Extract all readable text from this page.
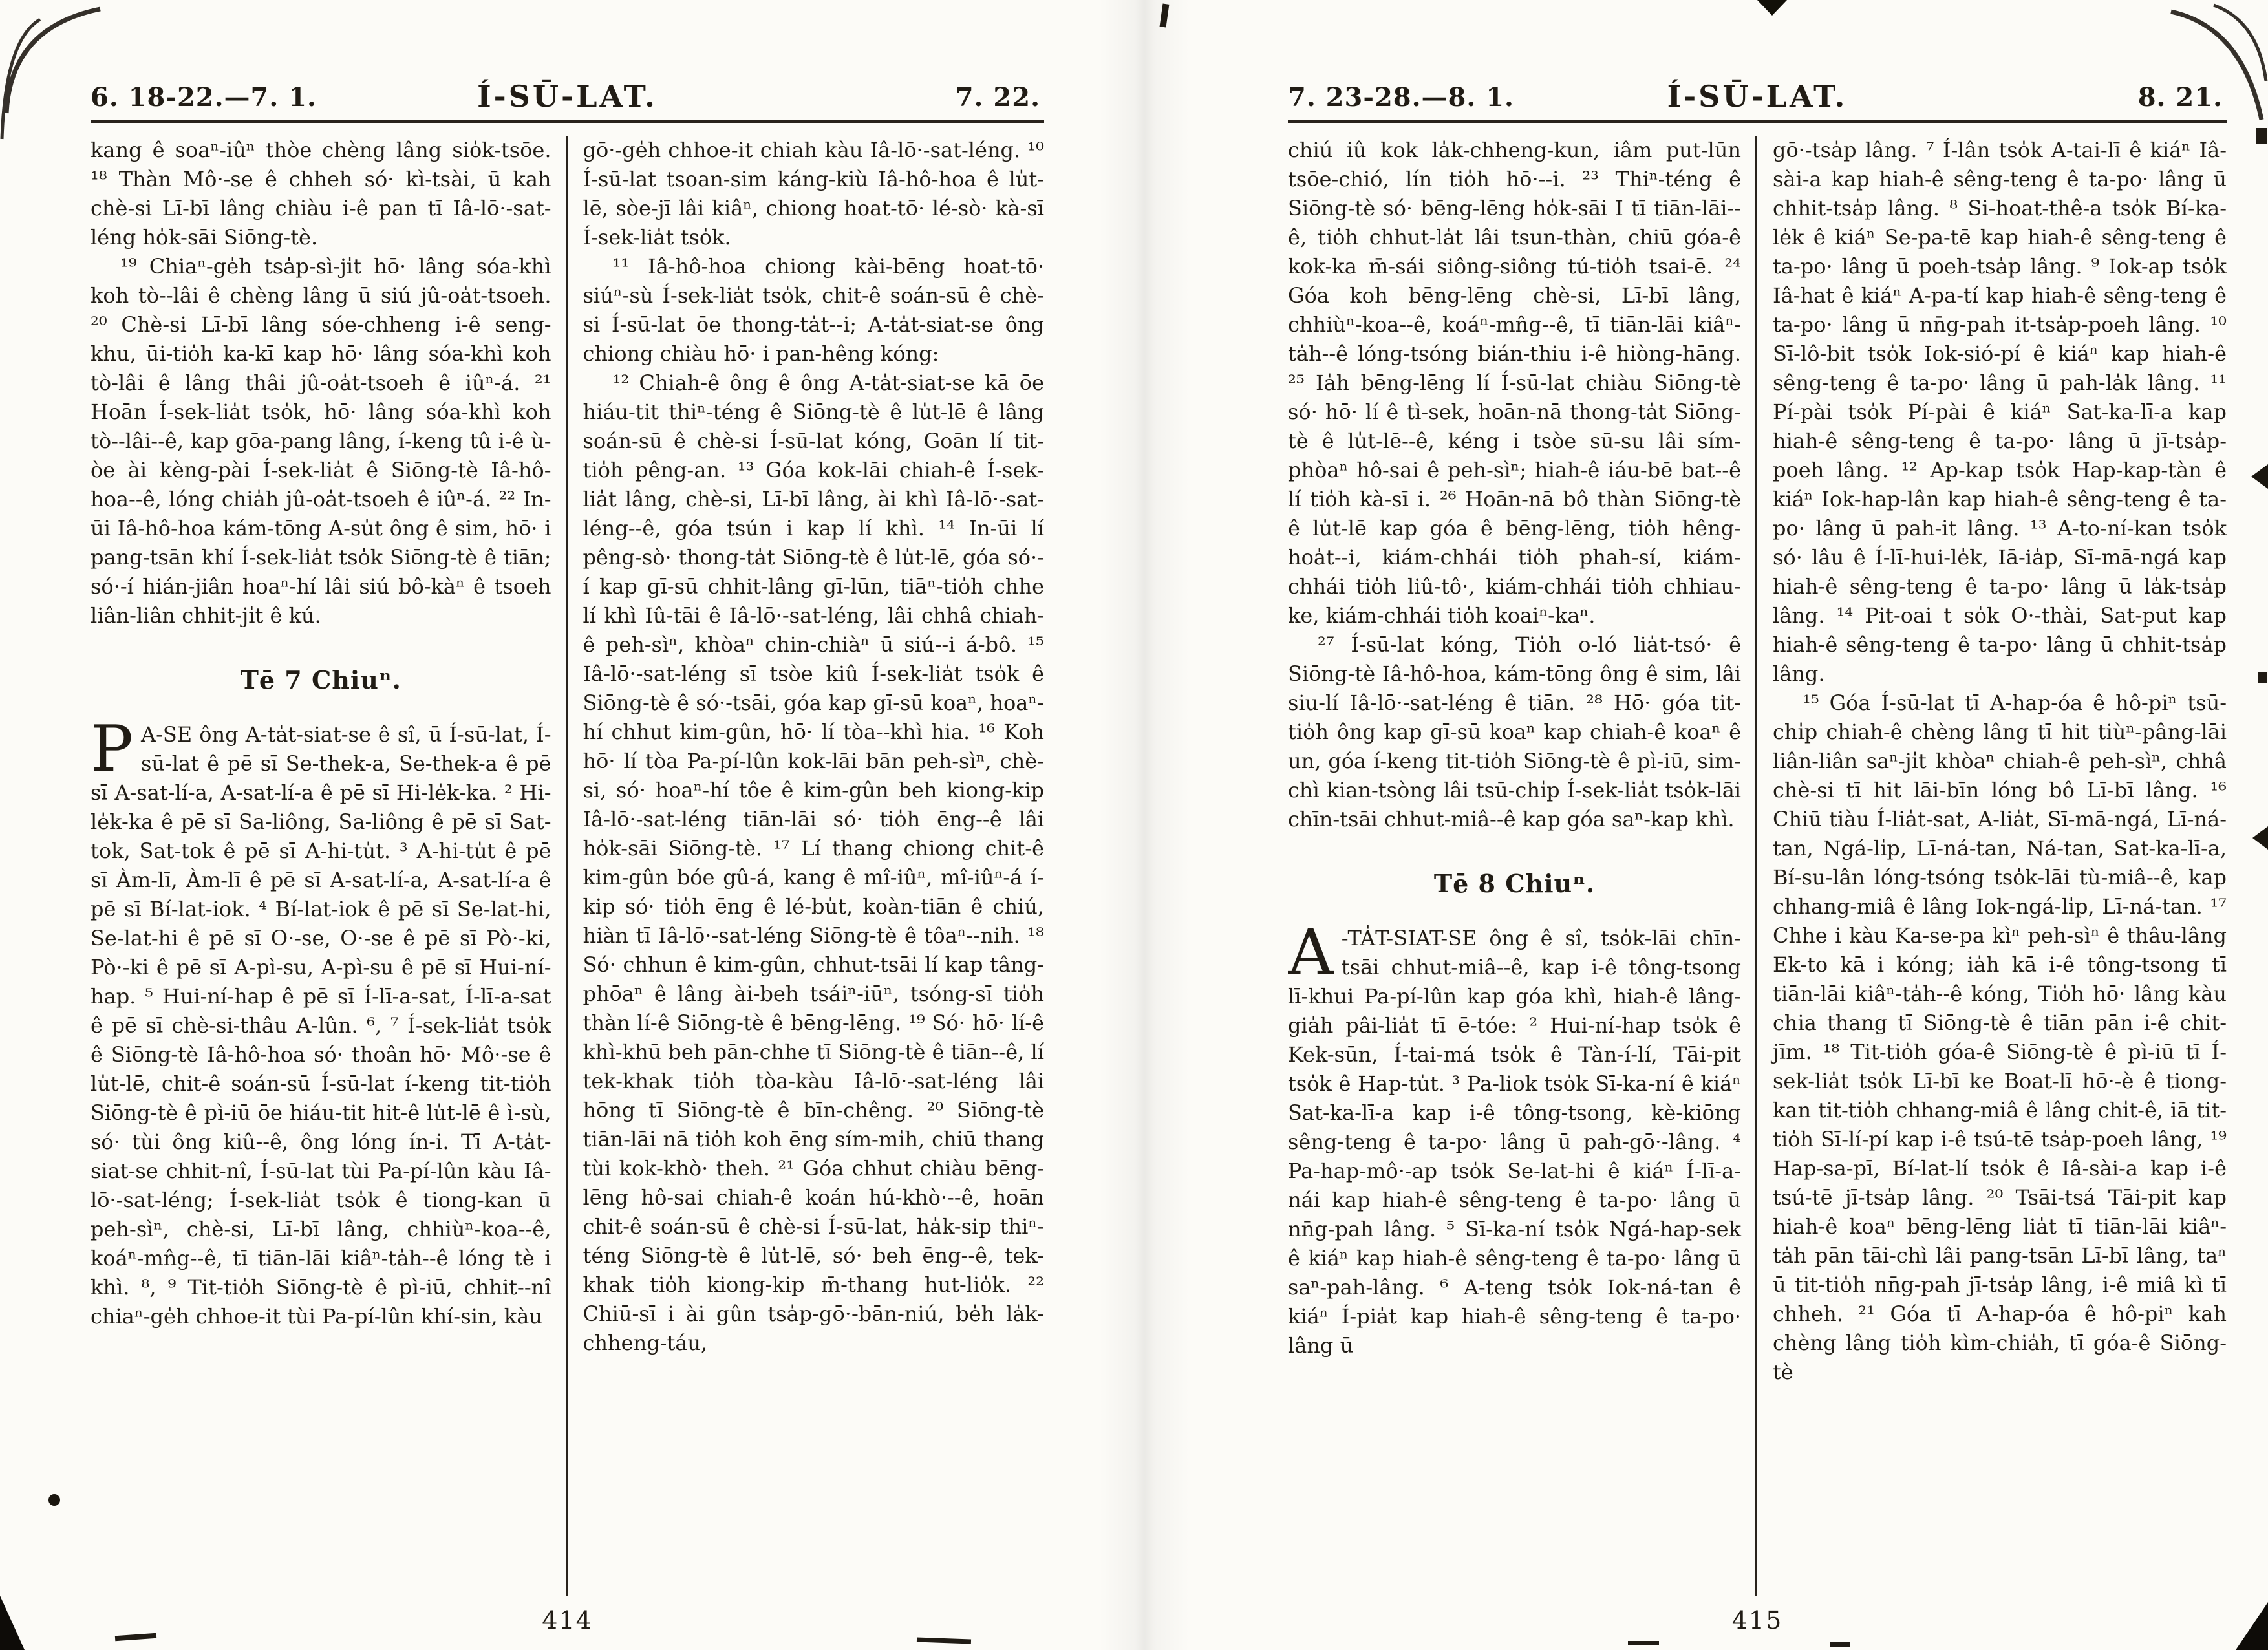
6. 18-22.—7. 1.	Í-SŪ-LAT.	7. 22.

kang ê soaⁿ-iûⁿ thòe chèng lâng sio̍k-tsōe. ¹⁸ Thàn Mô·-se ê chheh só· kì-tsài, ū kah chè-si Lī-bī lâng chiàu i-ê pan tī Iâ-lō·-sat-léng ho̍k-sāi Siōng-tè.

¹⁹ Chiaⁿ-ge̍h tsa̍p-sì-ji̍t hō· lâng sóa-khì koh tò--lâi ê chèng lâng ū siú jû-oa̍t-tsoeh. ²⁰ Chè-si Lī-bī lâng sóe-chheng i-ê seng-khu, ūi-tio̍h ka-kī kap hō· lâng sóa-khì koh tò-lâi ê lâng thâi jû-oa̍t-tsoeh ê iûⁿ-á. ²¹ Hoān Í-sek-lia̍t tso̍k, hō· lâng sóa-khì koh tò--lâi--ê, kap gōa-pang lâng, í-keng tû i-ê ù-òe ài kèng-pài Í-sek-lia̍t ê Siōng-tè Iâ-hô-hoa--ê, lóng chia̍h jû-oa̍t-tsoeh ê iûⁿ-á. ²² In-ūi Iâ-hô-hoa kám-tōng A-su̍t ông ê sim, hō· i pang-tsān khí Í-sek-lia̍t tso̍k Siōng-tè ê tiān; só·-í hián-jiân hoaⁿ-hí lâi siú bô-kàⁿ ê tsoeh liân-liân chhit-ji̍t ê kú.

Tē 7 Chiuⁿ.

P A-SE ông A-ta̍t-siat-se ê sî, ū Í-sū-lat, Í-sū-lat ê pē sī Se-thek-a, Se-thek-a ê pē sī A-sat-lí-a, A-sat-lí-a ê pē sī Hi-le̍k-ka. ² Hi-le̍k-ka ê pē sī Sa-liông, Sa-liông ê pē sī Sat-tok, Sat-tok ê pē sī A-hi-tu̍t. ³ A-hi-tu̍t ê pē sī Àm-lī, Àm-lī ê pē sī A-sat-lí-a, A-sat-lí-a ê pē sī Bí-lat-iok. ⁴ Bí-lat-iok ê pē sī Se-lat-hi, Se-lat-hi ê pē sī O·-se, O·-se ê pē sī Pò·-ki, Pò·-ki ê pē sī A-pì-su, A-pì-su ê pē sī Hui-ní-hap. ⁵ Hui-ní-hap ê pē sī Í-lī-a-sat, Í-lī-a-sat ê pē sī chè-si-thâu A-lûn. ⁶, ⁷ Í-sek-lia̍t tso̍k ê Siōng-tè Iâ-hô-hoa só· thoân hō· Mô·-se ê lu̍t-lē, chit-ê soán-sū Í-sū-lat í-keng tit-tio̍h Siōng-tè ê pì-iū ōe hiáu-tit hit-ê lu̍t-lē ê ì-sù, só· tùi ông kiû--ê, ông lóng ín-i. Tī A-ta̍t-siat-se chhit-nî, Í-sū-lat tùi Pa-pí-lûn kàu Iâ-lō·-sat-léng; Í-sek-lia̍t tso̍k ê tiong-kan ū peh-sìⁿ, chè-si, Lī-bī lâng, chhiùⁿ-koa--ê, koáⁿ-mn̂g--ê, tī tiān-lāi kiâⁿ-ta̍h--ê lóng tè i khì. ⁸, ⁹ Tit-tio̍h Siōng-tè ê pì-iū, chhit--nî chiaⁿ-ge̍h chhoe-it tùi Pa-pí-lûn khí-sin, kàu

gō·-ge̍h chhoe-it chiah kàu Iâ-lō·-sat-léng. ¹⁰ Í-sū-lat tsoan-sim káng-kiù Iâ-hô-hoa ê lu̍t-lē, sòe-jī lâi kiâⁿ, chiong hoat-tō· lé-sò· kà-sī Í-sek-lia̍t tso̍k.

¹¹ Iâ-hô-hoa chiong kài-bēng hoat-tō· siúⁿ-sù Í-sek-lia̍t tso̍k, chit-ê soán-sū ê chè-si Í-sū-lat ōe thong-ta̍t--i; A-ta̍t-siat-se ông chiong chiàu hō· i pan-hêng kóng:

¹² Chiah-ê ông ê ông A-ta̍t-siat-se kā ōe hiáu-tit thiⁿ-téng ê Siōng-tè ê lu̍t-lē ê lâng soán-sū ê chè-si Í-sū-lat kóng, Goān lí tit-tio̍h pêng-an. ¹³ Góa kok-lāi chiah-ê Í-sek-lia̍t lâng, chè-si, Lī-bī lâng, ài khì Iâ-lō·-sat-léng--ê, góa tsún i kap lí khì. ¹⁴ In-ūi lí pêng-sò· thong-ta̍t Siōng-tè ê lu̍t-lē, góa só·-í kap gī-sū chhit-lâng gī-lūn, tiāⁿ-tio̍h chhe lí khì Iû-tāi ê Iâ-lō·-sat-léng, lâi chhâ chiah-ê peh-sìⁿ, khòaⁿ chin-chiàⁿ ū siú--i á-bô. ¹⁵ Iâ-lō·-sat-léng sī tsòe kiû Í-sek-lia̍t tso̍k ê Siōng-tè ê só·-tsāi, góa kap gī-sū koaⁿ, hoaⁿ-hí chhut kim-gûn, hō· lí tòa--khì hia. ¹⁶ Koh hō· lí tòa Pa-pí-lûn kok-lāi bān peh-sìⁿ, chè-si, só· hoaⁿ-hí tôe ê kim-gûn beh kiong-kip Iâ-lō·-sat-léng tiān-lāi só· tio̍h ēng--ê lâi ho̍k-sāi Siōng-tè. ¹⁷ Lí thang chiong chit-ê kim-gûn bóe gû-á, kang ê mî-iûⁿ, mî-iûⁿ-á í-kip só· tio̍h ēng ê lé-bu̍t, koàn-tiān ê chiú, hiàn tī Iâ-lō·-sat-léng Siōng-tè ê tôaⁿ--nih. ¹⁸ Só· chhun ê kim-gûn, chhut-tsāi lí kap tâng-phōaⁿ ê lâng ài-beh tsáiⁿ-iūⁿ, tsóng-sī tio̍h thàn lí-ê Siōng-tè ê bēng-lēng. ¹⁹ Só· hō· lí-ê khì-khū beh pān-chhe tī Siōng-tè ê tiān--ê, lí tek-khak tio̍h tòa-kàu Iâ-lō·-sat-léng lâi hōng tī Siōng-tè ê bīn-chêng. ²⁰ Siōng-tè tiān-lāi nā tio̍h koh ēng sím-mi̍h, chiū thang tùi kok-khò· theh. ²¹ Góa chhut chiàu bēng-lēng hô-sai chiah-ê koán hú-khò·--ê, hoān chit-ê soán-sū ê chè-si Í-sū-lat, ha̍k-sip thiⁿ-téng Siōng-tè ê lu̍t-lē, só· beh ēng--ê, tek-khak tio̍h kiong-kip m̄-thang hut-lio̍k. ²² Chiū-sī i ài gûn tsa̍p-gō·-bān-niú, be̍h la̍k-chheng-táu,

414
7. 23-28.—8. 1.	Í-SŪ-LAT.	8. 21.

chiú iû kok la̍k-chheng-kun, iâm put-lūn tsōe-chió, lín tio̍h hō·--i. ²³ Thiⁿ-téng ê Siōng-tè só· bēng-lēng ho̍k-sāi I tī tiān-lāi--ê, tio̍h chhut-la̍t lâi tsun-thàn, chiū góa-ê kok-ka m̄-sái siông-siông tú-tio̍h tsai-ē. ²⁴ Góa koh bēng-lēng chè-si, Lī-bī lâng, chhiùⁿ-koa--ê, koáⁿ-mn̂g--ê, tī tiān-lāi kiâⁿ-ta̍h--ê lóng-tsóng bián-thiu i-ê hiòng-hāng. ²⁵ Ia̍h bēng-lēng lí Í-sū-lat chiàu Siōng-tè só· hō· lí ê tì-sek, hoān-nā thong-ta̍t Siōng-tè ê lu̍t-lē--ê, kéng i tsòe sū-su lâi sím-phòaⁿ hô-sai ê peh-sìⁿ; hiah-ê iáu-bē bat--ê lí tio̍h kà-sī i. ²⁶ Hoān-nā bô thàn Siōng-tè ê lu̍t-lē kap góa ê bēng-lēng, tio̍h hêng-hoa̍t--i, kiám-chhái tio̍h phah-sí, kiám-chhái tio̍h liû-tô·, kiám-chhái tio̍h chhiau-ke, kiám-chhái tio̍h koaiⁿ-kaⁿ.

²⁷ Í-sū-lat kóng, Tio̍h o-ló lia̍t-tsó· ê Siōng-tè Iâ-hô-hoa, kám-tōng ông ê sim, lâi siu-lí Iâ-lō·-sat-léng ê tiān. ²⁸ Hō· góa tit-tio̍h ông kap gī-sū koaⁿ kap chiah-ê koaⁿ ê un, góa í-keng tit-tio̍h Siōng-tè ê pì-iū, sim-chì kian-tsòng lâi tsū-chi̍p Í-sek-lia̍t tso̍k-lāi chīn-tsāi chhut-miâ--ê kap góa saⁿ-kap khì.

Tē 8 Chiuⁿ.

A -TA̍T-SIAT-SE ông ê sî, tso̍k-lāi chīn-tsāi chhut-miâ--ê, kap i-ê tông-tsong lī-khui Pa-pí-lûn kap góa khì, hiah-ê lâng-gia̍h pâi-lia̍t tī ē-tóe: ² Hui-ní-hap tso̍k ê Kek-sūn, Í-tai-má tso̍k ê Tàn-í-lí, Tāi-pit tso̍k ê Hap-tu̍t. ³ Pa-liok tso̍k Sī-ka-ní ê kiáⁿ Sat-ka-lī-a kap i-ê tông-tsong, kè-kiōng sêng-teng ê ta-po· lâng ū pah-gō·-lâng. ⁴ Pa-hap-mô·-ap tso̍k Se-lat-hi ê kiáⁿ Í-lī-a-nái kap hiah-ê sêng-teng ê ta-po· lâng ū nn̄g-pah lâng. ⁵ Sī-ka-ní tso̍k Ngá-hap-sek ê kiáⁿ kap hiah-ê sêng-teng ê ta-po· lâng ū saⁿ-pah-lâng. ⁶ A-teng tso̍k Iok-ná-tan ê kiáⁿ Í-pia̍t kap hiah-ê sêng-teng ê ta-po· lâng ū

gō·-tsa̍p lâng. ⁷ Í-lân tso̍k A-tai-lī ê kiáⁿ Iâ-sài-a kap hiah-ê sêng-teng ê ta-po· lâng ū chhit-tsa̍p lâng. ⁸ Si-hoat-thê-a tso̍k Bí-ka-le̍k ê kiáⁿ Se-pa-tē kap hiah-ê sêng-teng ê ta-po· lâng ū poeh-tsa̍p lâng. ⁹ Iok-ap tso̍k Iâ-hat ê kiáⁿ A-pa-tí kap hiah-ê sêng-teng ê ta-po· lâng ū nn̄g-pah it-tsa̍p-poeh lâng. ¹⁰ Sī-lô-bit tso̍k Iok-sió-pí ê kiáⁿ kap hiah-ê sêng-teng ê ta-po· lâng ū pah-la̍k lâng. ¹¹ Pí-pài tso̍k Pí-pài ê kiáⁿ Sat-ka-lī-a kap hiah-ê sêng-teng ê ta-po· lâng ū jī-tsa̍p-poeh lâng. ¹² Ap-kap tso̍k Hap-kap-tàn ê kiáⁿ Iok-hap-lân kap hiah-ê sêng-teng ê ta-po· lâng ū pah-it lâng. ¹³ A-to-ní-kan tso̍k só· lâu ê Í-lī-hui-le̍k, Iā-ia̍p, Sī-mā-ngá kap hiah-ê sêng-teng ê ta-po· lâng ū la̍k-tsa̍p lâng. ¹⁴ Pit-oai t so̍k O·-thài, Sat-put kap hiah-ê sêng-teng ê ta-po· lâng ū chhit-tsa̍p lâng.

¹⁵ Góa Í-sū-lat tī A-hap-óa ê hô-piⁿ tsū-chi̍p chiah-ê chèng lâng tī hit tiùⁿ-pâng-lāi liân-liân saⁿ-ji̍t khòaⁿ chiah-ê peh-sìⁿ, chhâ chè-si tī hit lāi-bīn lóng bô Lī-bī lâng. ¹⁶ Chiū tiàu Í-lia̍t-sat, A-lia̍t, Sī-mā-ngá, Lī-ná-tan, Ngá-li̍p, Lī-ná-tan, Ná-tan, Sat-ka-lī-a, Bí-su-lân lóng-tsóng tso̍k-lāi tù-miâ--ê, kap chhang-miâ ê lâng Iok-ngá-li̍p, Lī-ná-tan. ¹⁷ Chhe i kàu Ka-se-pa kìⁿ peh-sìⁿ ê thâu-lâng Ek-to kā i kóng; ia̍h kā i-ê tông-tsong tī tiān-lāi kiâⁿ-ta̍h--ê kóng, Tio̍h hō· lâng kàu chia thang tī Siōng-tè ê tiān pān i-ê chit-jīm. ¹⁸ Tit-tio̍h góa-ê Siōng-tè ê pì-iū tī Í-sek-lia̍t tso̍k Lī-bī ke Boat-lī hō·-è ê tiong-kan tit-tio̍h chhang-miâ ê lâng chi̍t-ê, iā tit-tio̍h Sī-lí-pí kap i-ê tsú-tē tsa̍p-poeh lâng, ¹⁹ Hap-sa-pī, Bí-lat-lí tso̍k ê Iâ-sài-a kap i-ê tsú-tē jī-tsa̍p lâng. ²⁰ Tsāi-tsá Tāi-pit kap hiah-ê koaⁿ bēng-lēng lia̍t tī tiān-lāi kiâⁿ-ta̍h pān tāi-chì lâi pang-tsān Lī-bī lâng, taⁿ ū tit-tio̍h nn̄g-pah jī-tsa̍p lâng, i-ê miâ kì tī chheh. ²¹ Góa tī A-hap-óa ê hô-piⁿ kah chèng lâng tio̍h kìm-chia̍h, tī góa-ê Siōng-tè

415
